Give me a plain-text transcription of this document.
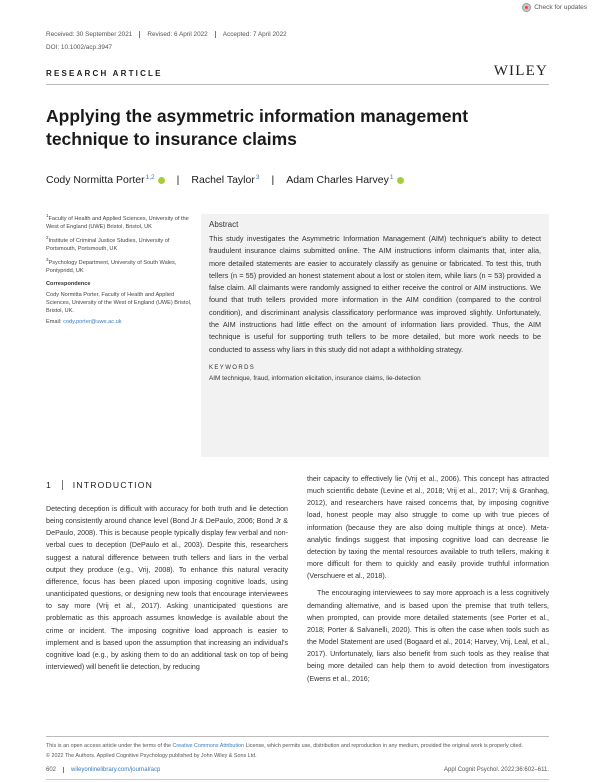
Check for updates
Received: 30 September 2021	Revised: 6 April 2022	Accepted: 7 April 2022
DOI: 10.1002/acp.3947
RESEARCH ARTICLE	WILEY
Applying the asymmetric information management technique to insurance claims
Cody Normitta Porter$^{1,2}$ | Rachel Taylor$^3$ | Adam Charles Harvey$^1$

$^1$Faculty of Health and Applied Sciences, University of the West of England (UWE) Bristol, Bristol, UK

$^2$Institute of Criminal Justice Studies, University of Portsmouth, Portsmouth, UK

$^3$Psychology Department, University of South Wales, Pontypridd, UK

Correspondence

Cody Normitta Porter, Faculty of Health and Applied Sciences, University of the West of England (UWE) Bristol, Bristol, UK.

Email: cody.porter@uwe.ac.uk

Abstract

This study investigates the Asymmetric Information Management (AIM) technique's ability to detect fraudulent insurance claims submitted online. The AIM instructions inform claimants that, inter alia, more detailed statements are easier to accurately classify as genuine or fabricated. To test this, truth tellers (n = 55) provided an honest statement about a lost or stolen item, while liars (n = 53) provided a false claim. All claimants were randomly assigned to either receive the control or AIM instructions. We found that truth tellers provided more information in the AIM condition (compared to the control condition), and discriminant analysis classificatory performance was improved slightly. Unfortunately, the AIM instructions had little effect on the amount of information liars provided. Thus, the AIM technique is useful for supporting truth tellers to be more detailed, but more work needs to be conducted to assess why liars in this study did not adapt a withholding strategy.

KEYWORDS
AIM technique, fraud, information elicitation, insurance claims, lie-detection
1 INTRODUCTION

Detecting deception is difficult with accuracy for both truth and lie detection being consistently around chance level (Bond Jr & DePaulo, 2006; Bond Jr & DePaulo, 2008). This is because people typically display few verbal and non-verbal cues to deception (DePaulo et al., 2003). Despite this, researchers suggest a natural difference between truth tellers and liars in the verbal output they produce (e.g., Vrij, 2008). To enhance this natural veracity difference, focus has been placed upon imposing cognitive loads, using unanticipated questions, or designing new tools that encourage interviewees to say more (Vrij et al., 2017). Asking unanticipated questions are problematic as this approach assumes knowledge is available about the crime or incident. The imposing cognitive load approach is easier to implement and is based upon the assumption that increasing an individual's cognitive load (e.g., by asking them to do an additional task on top of being interviewed) will benefit lie detection, by reducing

their capacity to effectively lie (Vrij et al., 2006). This concept has attracted much scientific debate (Levine et al., 2018; Vrij et al., 2017; Vrij & Granhag, 2012), and researchers have raised concerns that, by imposing cognitive load, honest people may also struggle to come up with true pieces of information (because they are also doing multiple things at once). Meta-analytic findings suggest that imposing cognitive load can decrease lie detection by taxing the mental resources available to truth tellers, making it more difficult for them to quickly and easily provide truthful information (Verschuere et al., 2018).

The encouraging interviewees to say more approach is a less cognitively demanding alternative, and is based upon the premise that truth tellers, when prompted, can provide more detailed statements (see Porter et al., 2018; Porter & Salvanelli, 2020). This is often the case when tools such as the Model Statement are used (Bogaard et al., 2014; Harvey, Vrij, Leal, et al., 2017). Unfortunately, liars also benefit from such tools as they realise that being more detailed can help them to avoid detection from investigators (Ewens et al., 2016;

This is an open access article under the terms of the Creative Commons Attribution License, which permits use, distribution and reproduction in any medium, provided the original work is properly cited.

© 2022 The Authors. Applied Cognitive Psychology published by John Wiley & Sons Ltd.

602	wileyonlinelibrary.com/journal/acp	Appl Cognit Psychol. 2022;36:602–611.
